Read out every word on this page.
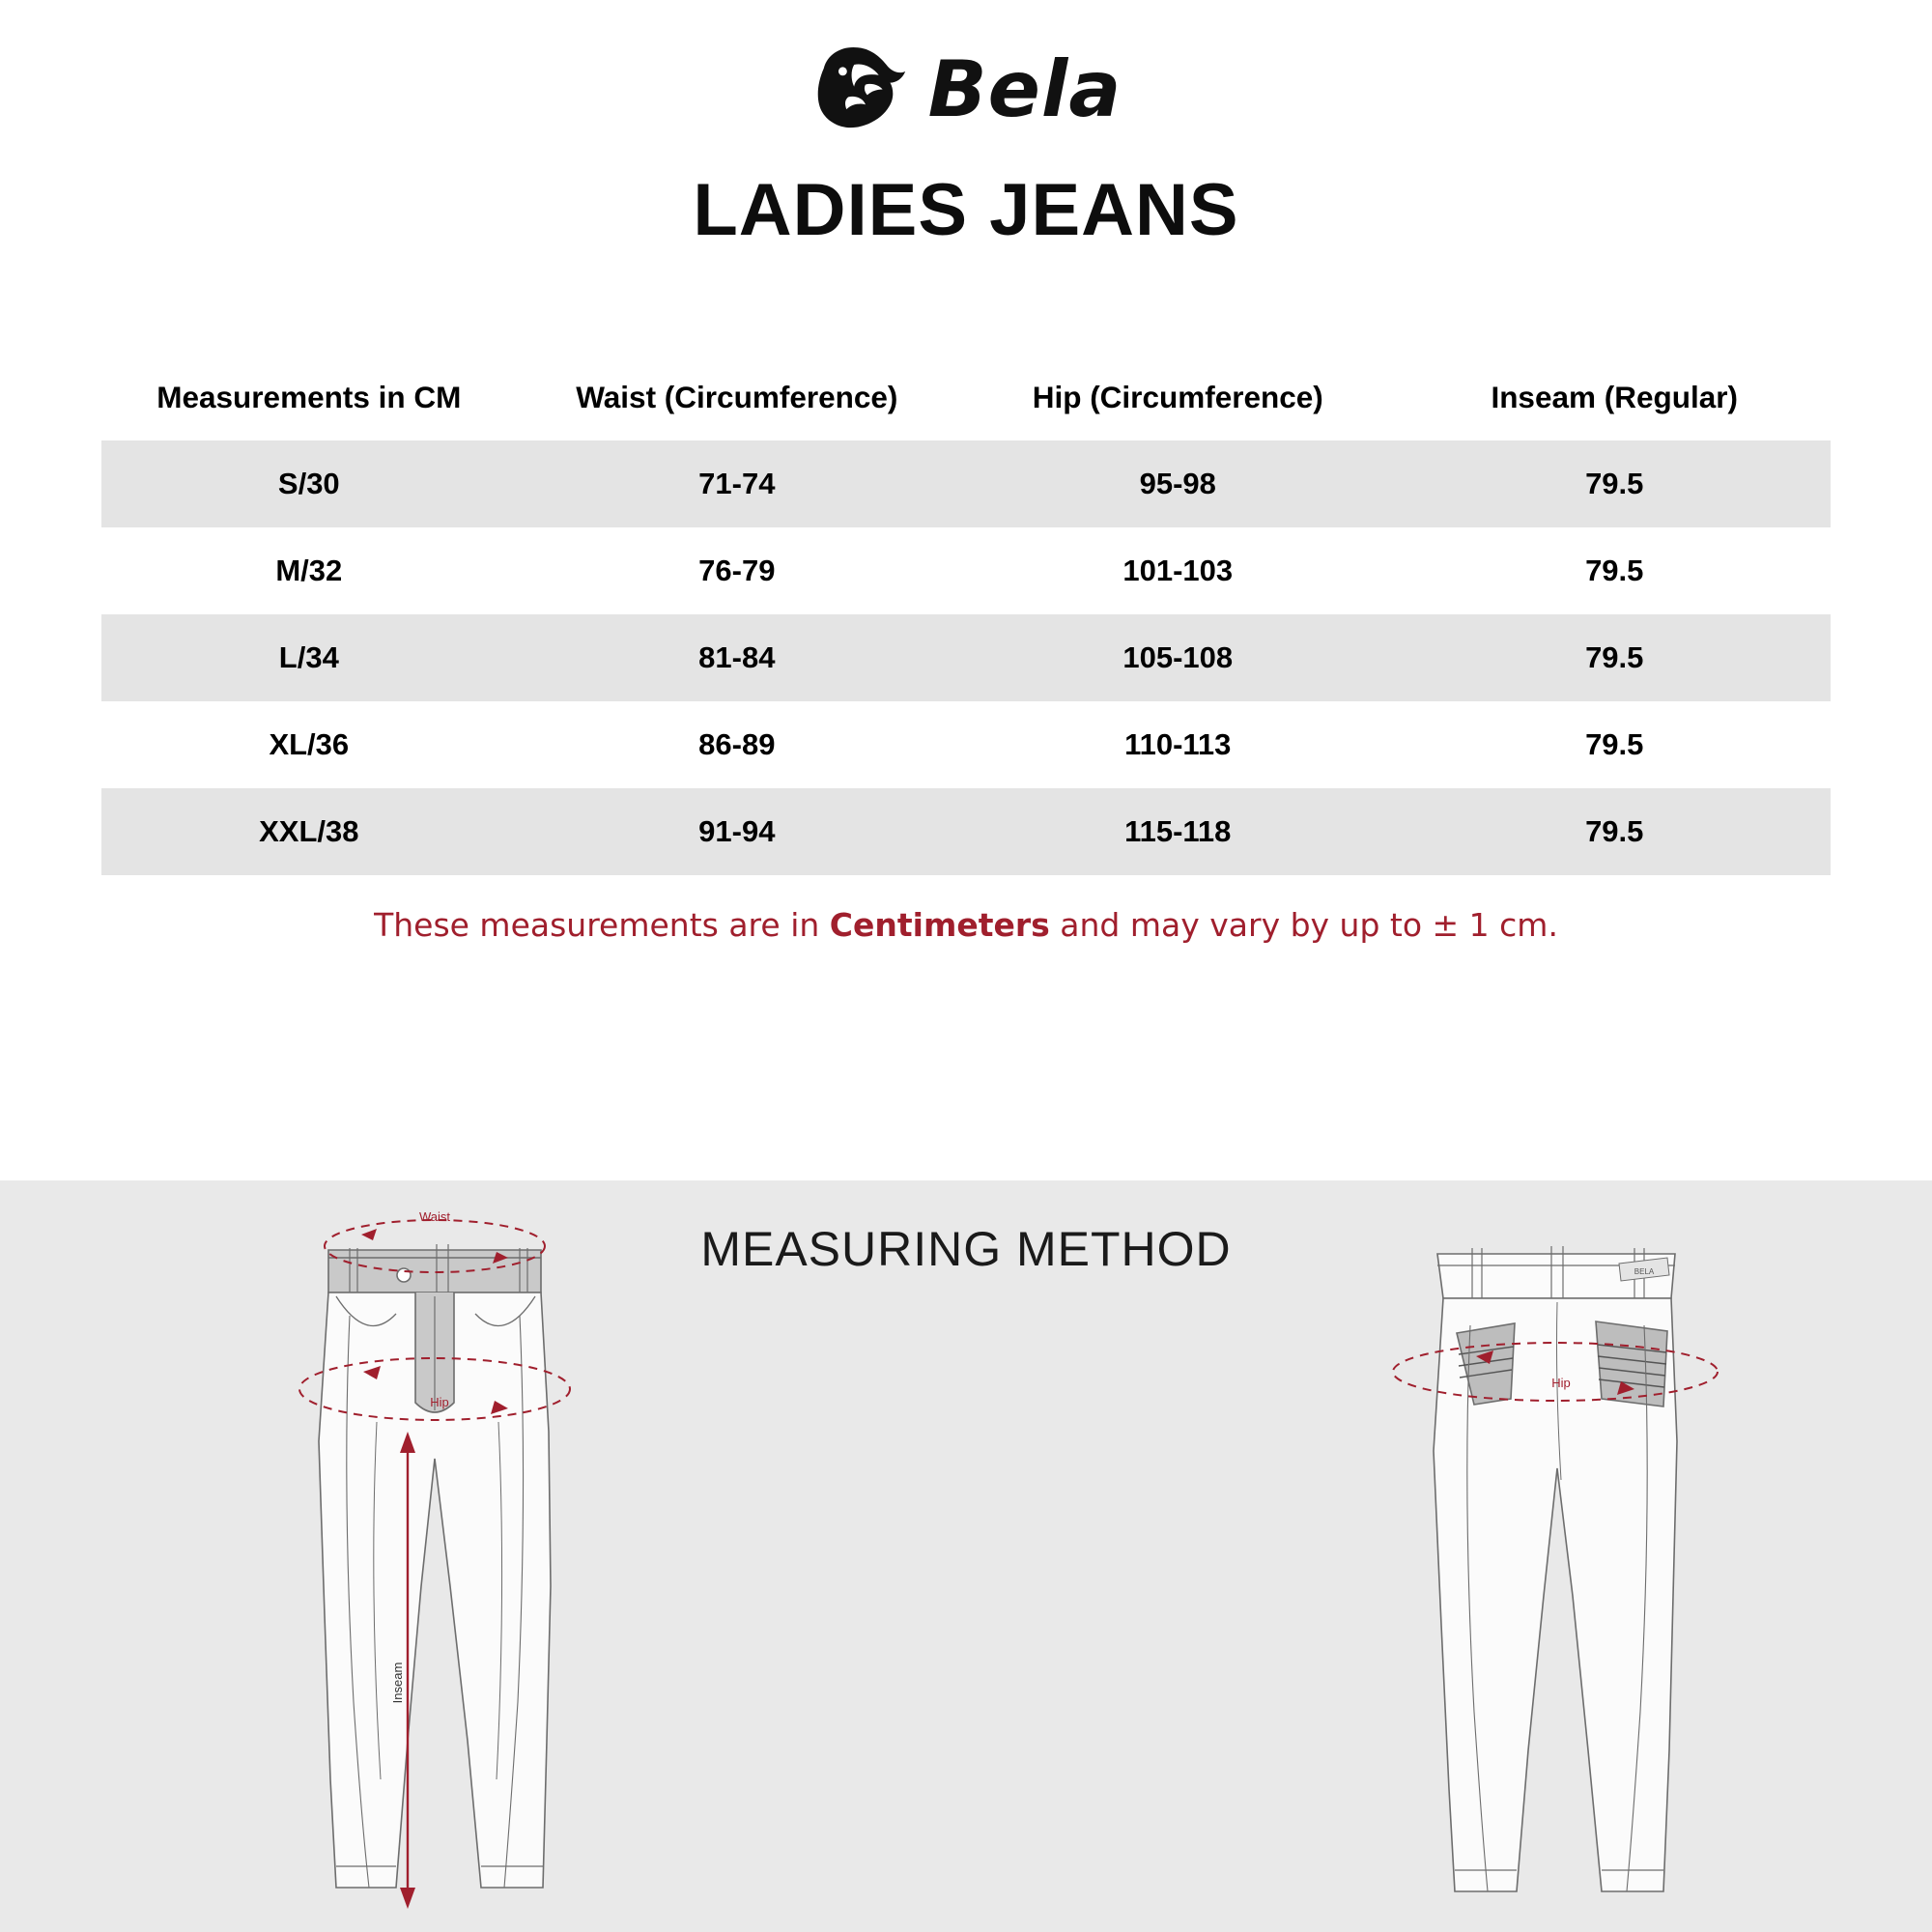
Bela
LADIES JEANS
Measurements in CM	Waist (Circumference)	Hip (Circumference)	Inseam (Regular)
S/30	71-74	95-98	79.5
M/32	76-79	101-103	79.5
L/34	81-84	105-108	79.5
XL/36	86-89	110-113	79.5
XXL/38	91-94	115-118	79.5
These measurements are in Centimeters and may vary by up to ± 1 cm.
MEASURING METHOD
Waist
Hip
Inseam
BELA
Hip
